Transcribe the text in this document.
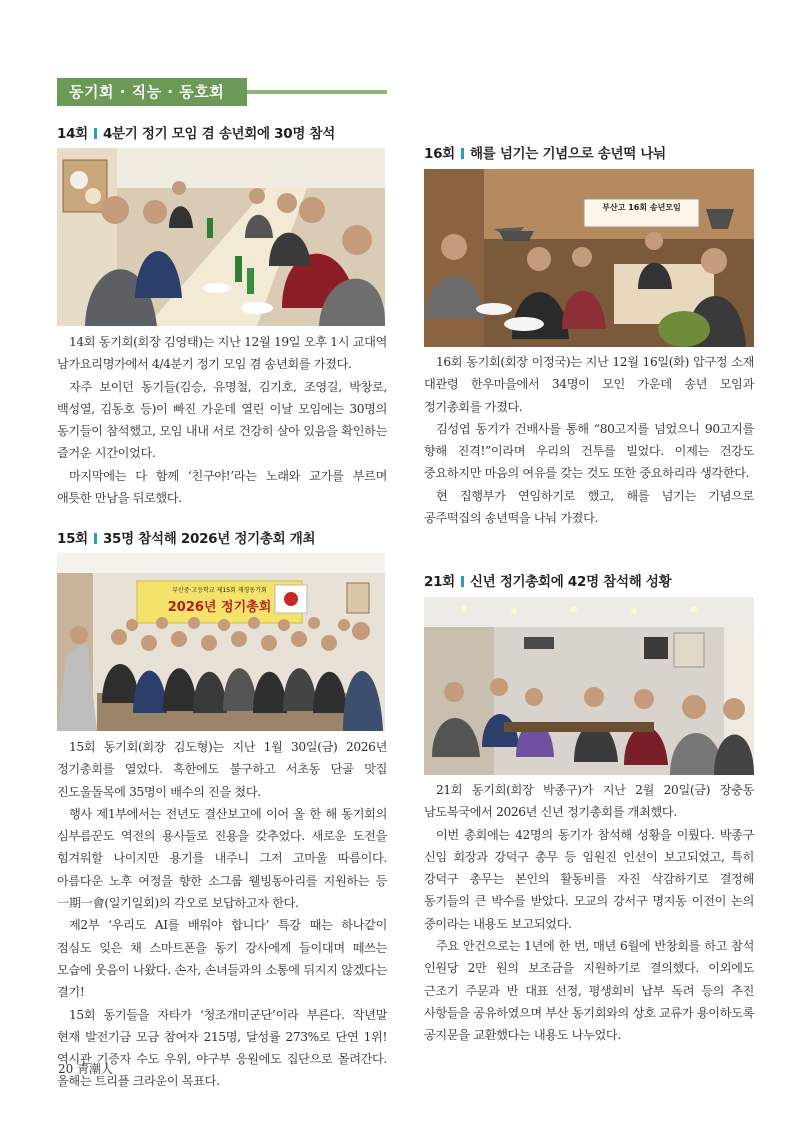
동기회 · 직능 · 동호회
14회 4분기 정기 모임 겸 송년회에 30명 참석

14회 동기회(회장 김영태)는 지난 12월 19일 오후 1시 교대역 남가요리명가에서 4/4분기 정기 모임 겸 송년회를 가졌다.

자주 보이던 동기들(김승, 유명철, 김기호, 조영길, 박창로, 백성열, 김동호 등)이 빠진 가운데 열린 이날 모임에는 30명의 동기들이 참석했고, 모임 내내 서로 건강히 살아 있음을 확인하는 즐거운 시간이었다.

마지막에는 다 함께 ‘친구야!’라는 노래와 교가를 부르며 애틋한 만남을 뒤로했다.

15회 35명 참석해 2026년 정기총회 개최
부산중·고등학교 제15회 재경동기회
2026년 정기총회

15회 동기회(회장 김도형)는 지난 1월 30일(금) 2026년 정기총회를 열었다. 혹한에도 불구하고 서초동 단골 맛집 진도울돌목에 35명이 배수의 진을 쳤다.

행사 제1부에서는 전년도 결산보고에 이어 올 한 해 동기회의 심부름꾼도 역전의 용사들로 진용을 갖추었다. 새로운 도전을 힘겨워할 나이지만 용기를 내주니 그저 고마울 따름이다. 아름다운 노후 여정을 향한 소그룹 웰빙동아리를 지원하는 등 一期一會(일기일회)의 각오로 보답하고자 한다.

제2부 ‘우리도 AI를 배워야 합니다’ 특강 때는 하나같이 점심도 잊은 채 스마트폰을 동기 강사에게 들이대며 떼쓰는 모습에 웃음이 나왔다. 손자, 손녀들과의 소통에 뒤지지 않겠다는 결기!

15회 동기들을 자타가 ‘청조개미군단’이라 부른다. 작년말 현재 발전기금 모금 참여자 215명, 달성률 273%로 단연 1위! 역시관 기증자 수도 우위, 야구부 응원에도 집단으로 몰려간다. 올해는 트리플 크라운이 목표다.

16회 해를 넘기는 기념으로 송년떡 나눠
부산고 16회 송년모임

16회 동기회(회장 이정국)는 지난 12월 16일(화) 압구정 소재 대관령 한우마을에서 34명이 모인 가운데 송년 모임과 정기총회를 가졌다.

김성엽 동기가 건배사를 통해 “80고지를 넘었으니 90고지를 향해 진격!”이라며 우리의 건투를 빌었다. 이제는 건강도 중요하지만 마음의 여유를 갖는 것도 또한 중요하리라 생각한다.

현 집행부가 연임하기로 했고, 해를 넘기는 기념으로 공주떡집의 송년떡을 나눠 가졌다.

21회 신년 정기총회에 42명 참석해 성황

21회 동기회(회장 박종구)가 지난 2월 20일(금) 장충동 남도복국에서 2026년 신년 정기총회를 개최했다.

이번 총회에는 42명의 동기가 참석해 성황을 이뤘다. 박종구 신임 회장과 강덕구 총무 등 임원진 인선이 보고되었고, 특히 강덕구 총무는 본인의 활동비를 자진 삭감하기로 결정해 동기들의 큰 박수를 받았다. 모교의 강서구 명지동 이전이 논의 중이라는 내용도 보고되었다.

주요 안건으로는 1년에 한 번, 매년 6월에 반창회를 하고 참석 인원당 2만 원의 보조금을 지원하기로 결의했다. 이외에도 근조기 주문과 반 대표 선정, 평생회비 납부 독려 등의 추진 사항들을 공유하였으며 부산 동기회와의 상호 교류가 용이하도록 공지문을 교환했다는 내용도 나누었다.

20 靑潮人
